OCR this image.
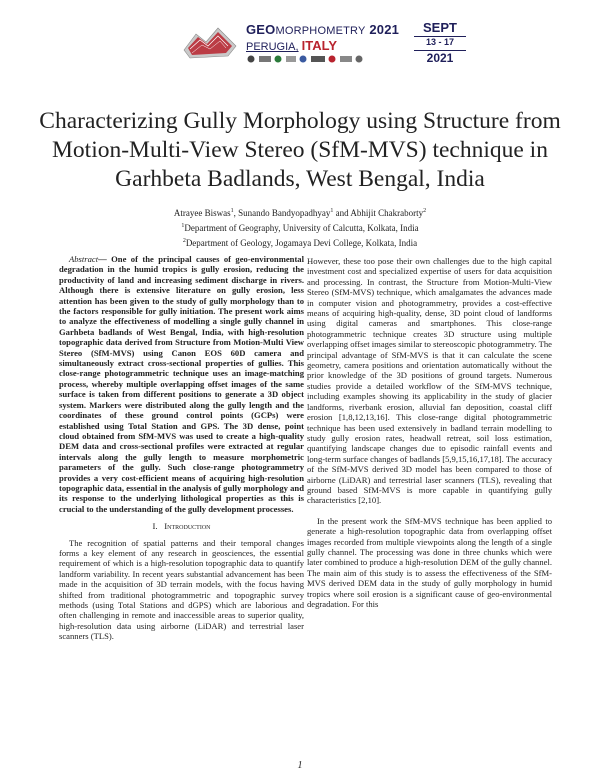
GEOMORPHOMETRY 2021
PERUGIA, ITALY
SEPT
13 - 17
2021
Characterizing Gully Morphology using Structure from Motion-Multi-View Stereo (SfM-MVS) technique in Garhbeta Badlands, West Bengal, India
Atrayee Biswas$^1$, Sunando Bandyopadhyay$^1$ and Abhijit Chakraborty$^2$
$^1$Department of Geography, University of Calcutta, Kolkata, India
$^2$Department of Geology, Jogamaya Devi College, Kolkata, India

Abstract— One of the principal causes of geo-environmental degradation in the humid tropics is gully erosion, reducing the productivity of land and increasing sediment discharge in rivers. Although there is extensive literature on gully erosion, less attention has been given to the study of gully morphology than to the factors responsible for gully initiation. The present work aims to analyze the effectiveness of modelling a single gully channel in Garhbeta badlands of West Bengal, India, with high-resolution topographic data derived from Structure from Motion-Multi View Stereo (SfM-MVS) using Canon EOS 60D camera and simultaneously extract cross-sectional properties of gullies. This close-range photogrammetric technique uses an image-matching process, whereby multiple overlapping offset images of the same surface is taken from different positions to generate a 3D object system. Markers were distributed along the gully length and the coordinates of these ground control points (GCPs) were established using Total Station and GPS. The 3D dense, point cloud obtained from SfM-MVS was used to create a high-quality DEM data and cross-sectional profiles were extracted at regular intervals along the gully length to measure morphometric parameters of the gully. Such close-range photogrammetry provides a very cost-efficient means of acquiring high-resolution topographic data, essential in the analysis of gully morphology and its response to the underlying lithological properties as this is crucial to the understanding of the gully development processes.

I. Introduction

The recognition of spatial patterns and their temporal changes forms a key element of any research in geosciences, the essential requirement of which is a high-resolution topographic data to quantify landform variability. In recent years substantial advancement has been made in the acquisition of 3D terrain models, with the focus having shifted from traditional photogrammetric and topographic survey methods (using Total Stations and dGPS) which are laborious and often challenging in remote and inaccessible areas to superior quality, high-resolution data using airborne (LiDAR) and terrestrial laser scanners (TLS).

However, these too pose their own challenges due to the high capital investment cost and specialized expertise of users for data acquisition and processing. In contrast, the Structure from Motion-Multi-View Stereo (SfM-MVS) technique, which amalgamates the advances made in computer vision and photogrammetry, provides a cost-effective means of acquiring high-quality, dense, 3D point cloud of landforms using digital cameras and smartphones. This close-range photogrammetric technique creates 3D structure using multiple overlapping offset images similar to stereoscopic photogrammetry. The principal advantage of SfM-MVS is that it can calculate the scene geometry, camera positions and orientation automatically without the prior knowledge of the 3D positions of ground targets. Numerous studies provide a detailed workflow of the SfM-MVS technique, including examples showing its applicability in the study of glacier landforms, riverbank erosion, alluvial fan deposition, coastal cliff erosion [1,8,12,13,16]. This close-range digital photogrammetric technique has been used extensively in badland terrain modelling to study gully erosion rates, headwall retreat, soil loss estimation, quantifying landscape changes due to episodic rainfall events and long-term surface changes of badlands [5,9,15,16,17,18]. The accuracy of the SfM-MVS derived 3D model has been compared to those of airborne (LiDAR) and terrestrial laser scanners (TLS), revealing that ground based SfM-MVS is more capable in quantifying gully characteristics [2,10].

In the present work the SfM-MVS technique has been applied to generate a high-resolution topographic data from overlapping offset images recorded from multiple viewpoints along the length of a single gully channel. The processing was done in three chunks which were later combined to produce a high-resolution DEM of the gully channel. The main aim of this study is to assess the effectiveness of the SfM-MVS derived DEM data in the study of gully morphology in humid tropics where soil erosion is a significant cause of geo-environmental degradation. For this

1
